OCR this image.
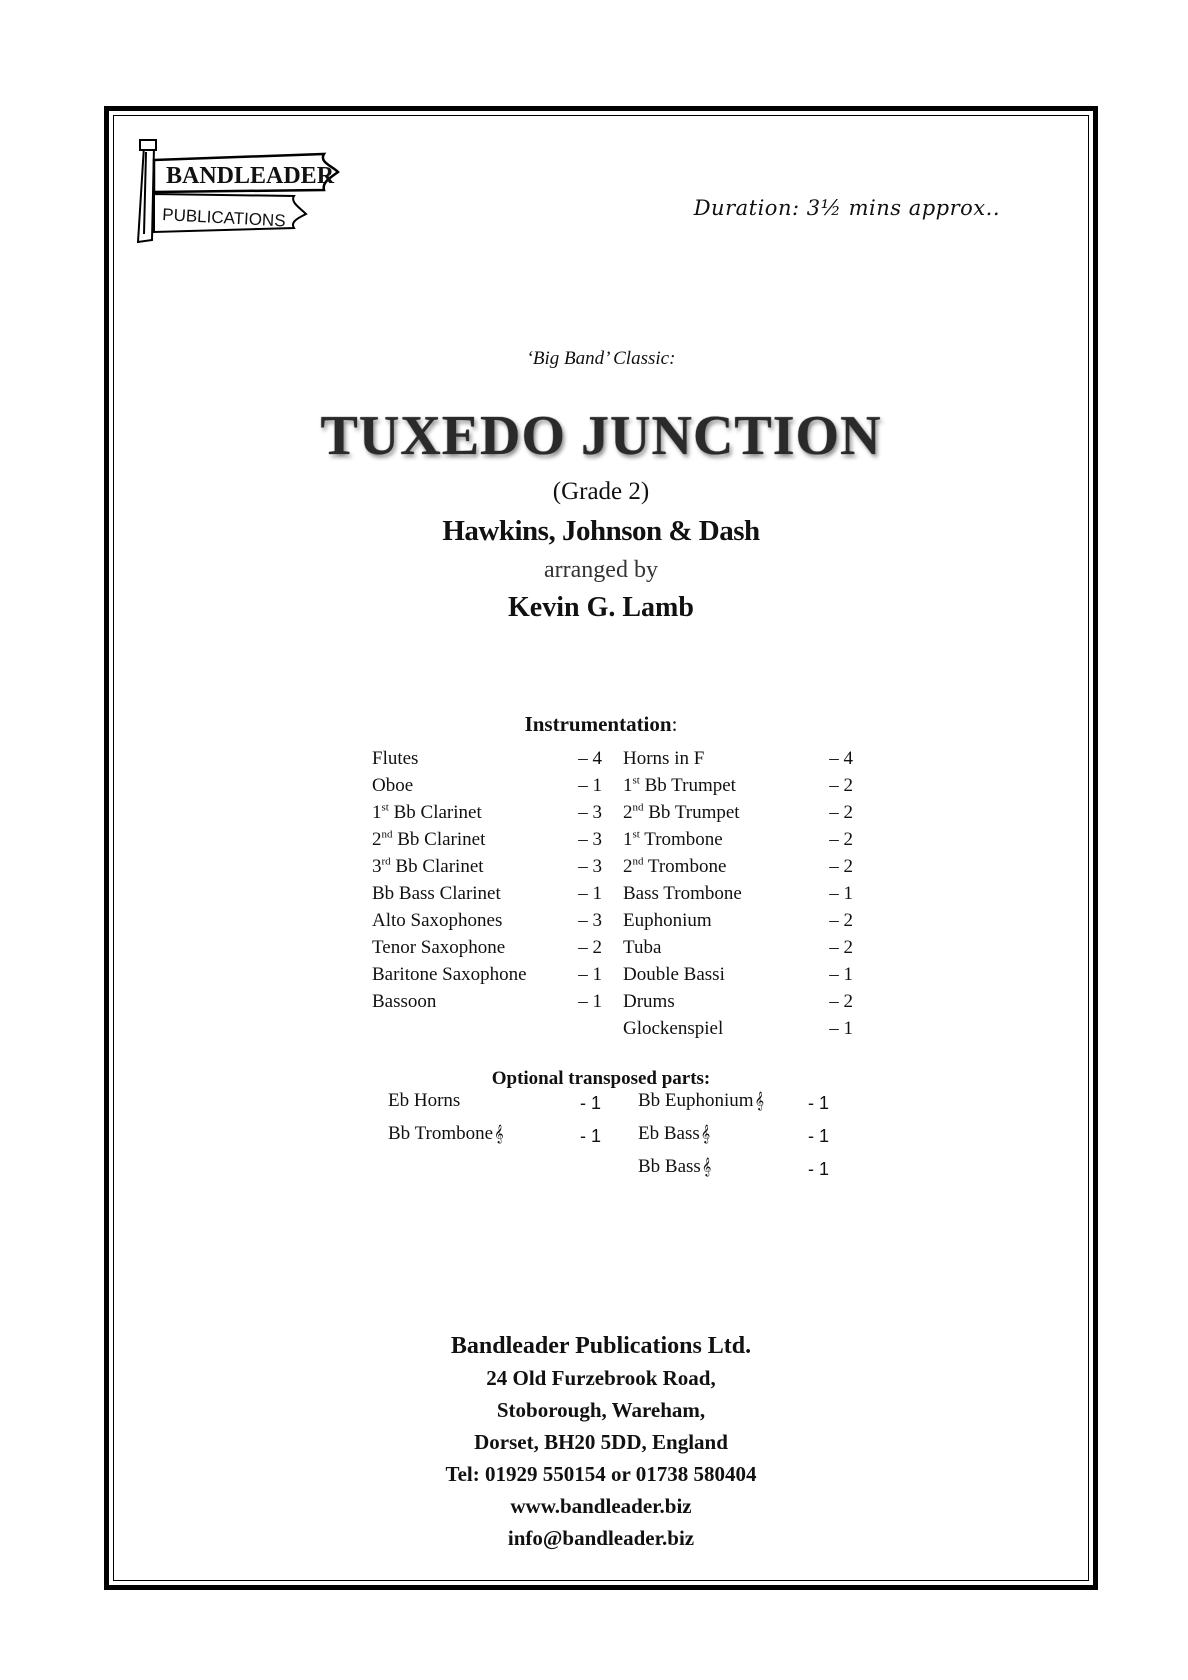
BANDLEADER
PUBLICATIONS	Duration: 3½ mins approx..
‘Big Band’ Classic:
TUXEDO JUNCTION
(Grade 2)
Hawkins, Johnson & Dash
arranged by
Kevin G. Lamb
Instrumentation:
Flutes	– 4
Oboe	– 1
1st Bb Clarinet	– 3
2nd Bb Clarinet	– 3
3rd Bb Clarinet	– 3
Bb Bass Clarinet	– 1
Alto Saxophones	– 3
Tenor Saxophone	– 2
Baritone Saxophone	– 1
Bassoon	– 1
Horns in F	– 4
1st Bb Trumpet	– 2
2nd Bb Trumpet	– 2
1st Trombone	– 2
2nd Trombone	– 2
Bass Trombone	– 1
Euphonium	– 2
Tuba	– 2
Double Bassi	– 1
Drums	– 2
Glockenspiel	– 1
Optional transposed parts:
Eb Horns	- 1
Bb Trombone𝄞	- 1
Bb Euphonium𝄞 - 1
Eb Bass𝄞	- 1
Bb Bass𝄞	- 1
Bandleader Publications Ltd.
24 Old Furzebrook Road,
Stoborough, Wareham,
Dorset, BH20 5DD, England
Tel: 01929 550154 or 01738 580404
www.bandleader.biz
info@bandleader.biz
